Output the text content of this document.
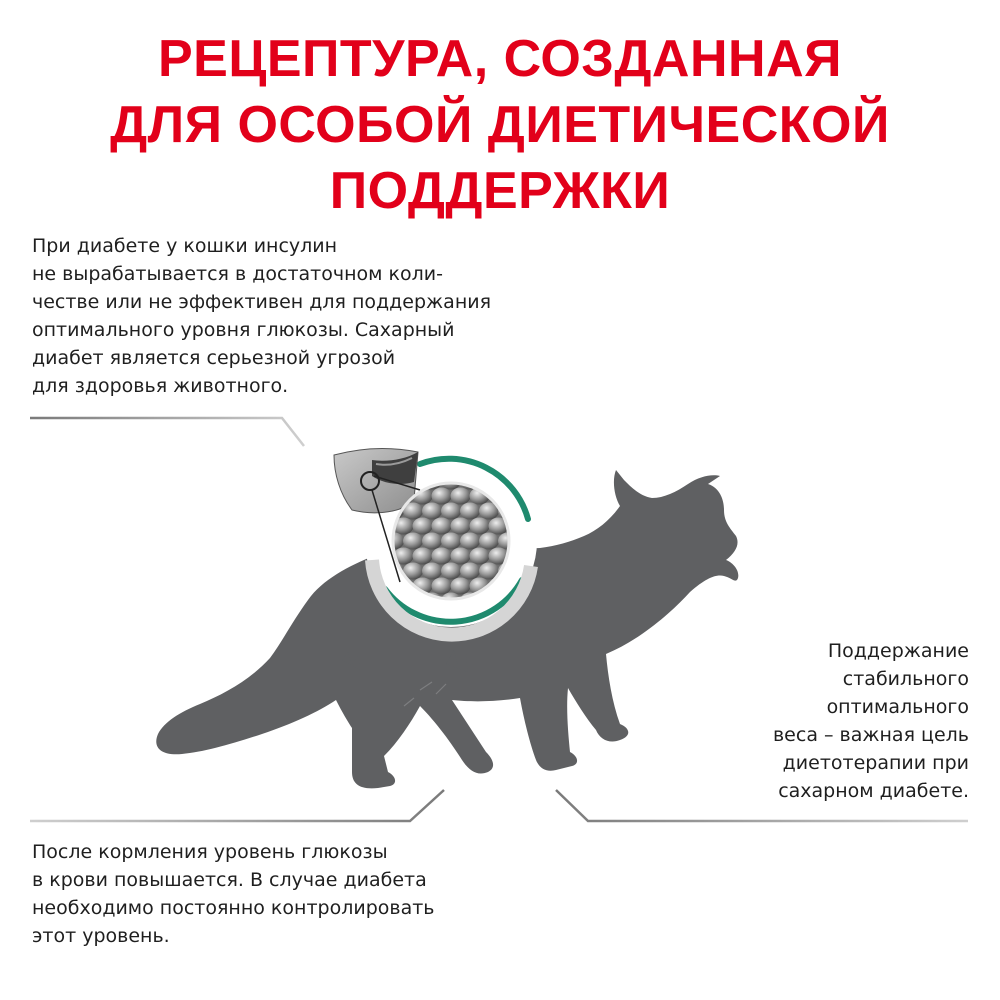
РЕЦЕПТУРА, СОЗДАННАЯ
ДЛЯ ОСОБОЙ ДИЕТИЧЕСКОЙ
ПОДДЕРЖКИ
При диабете у кошки инсулин
не вырабатывается в достаточном коли-
честве или не эффективен для поддержания
оптимального уровня глюкозы. Сахарный
диабет является серьезной угрозой
для здоровья животного.
Поддержание
стабильного
оптимального
веса – важная цель
диетотерапии при
сахарном диабете.
После кормления уровень глюкозы
в крови повышается. В случае диабета
необходимо постоянно контролировать
этот уровень.
